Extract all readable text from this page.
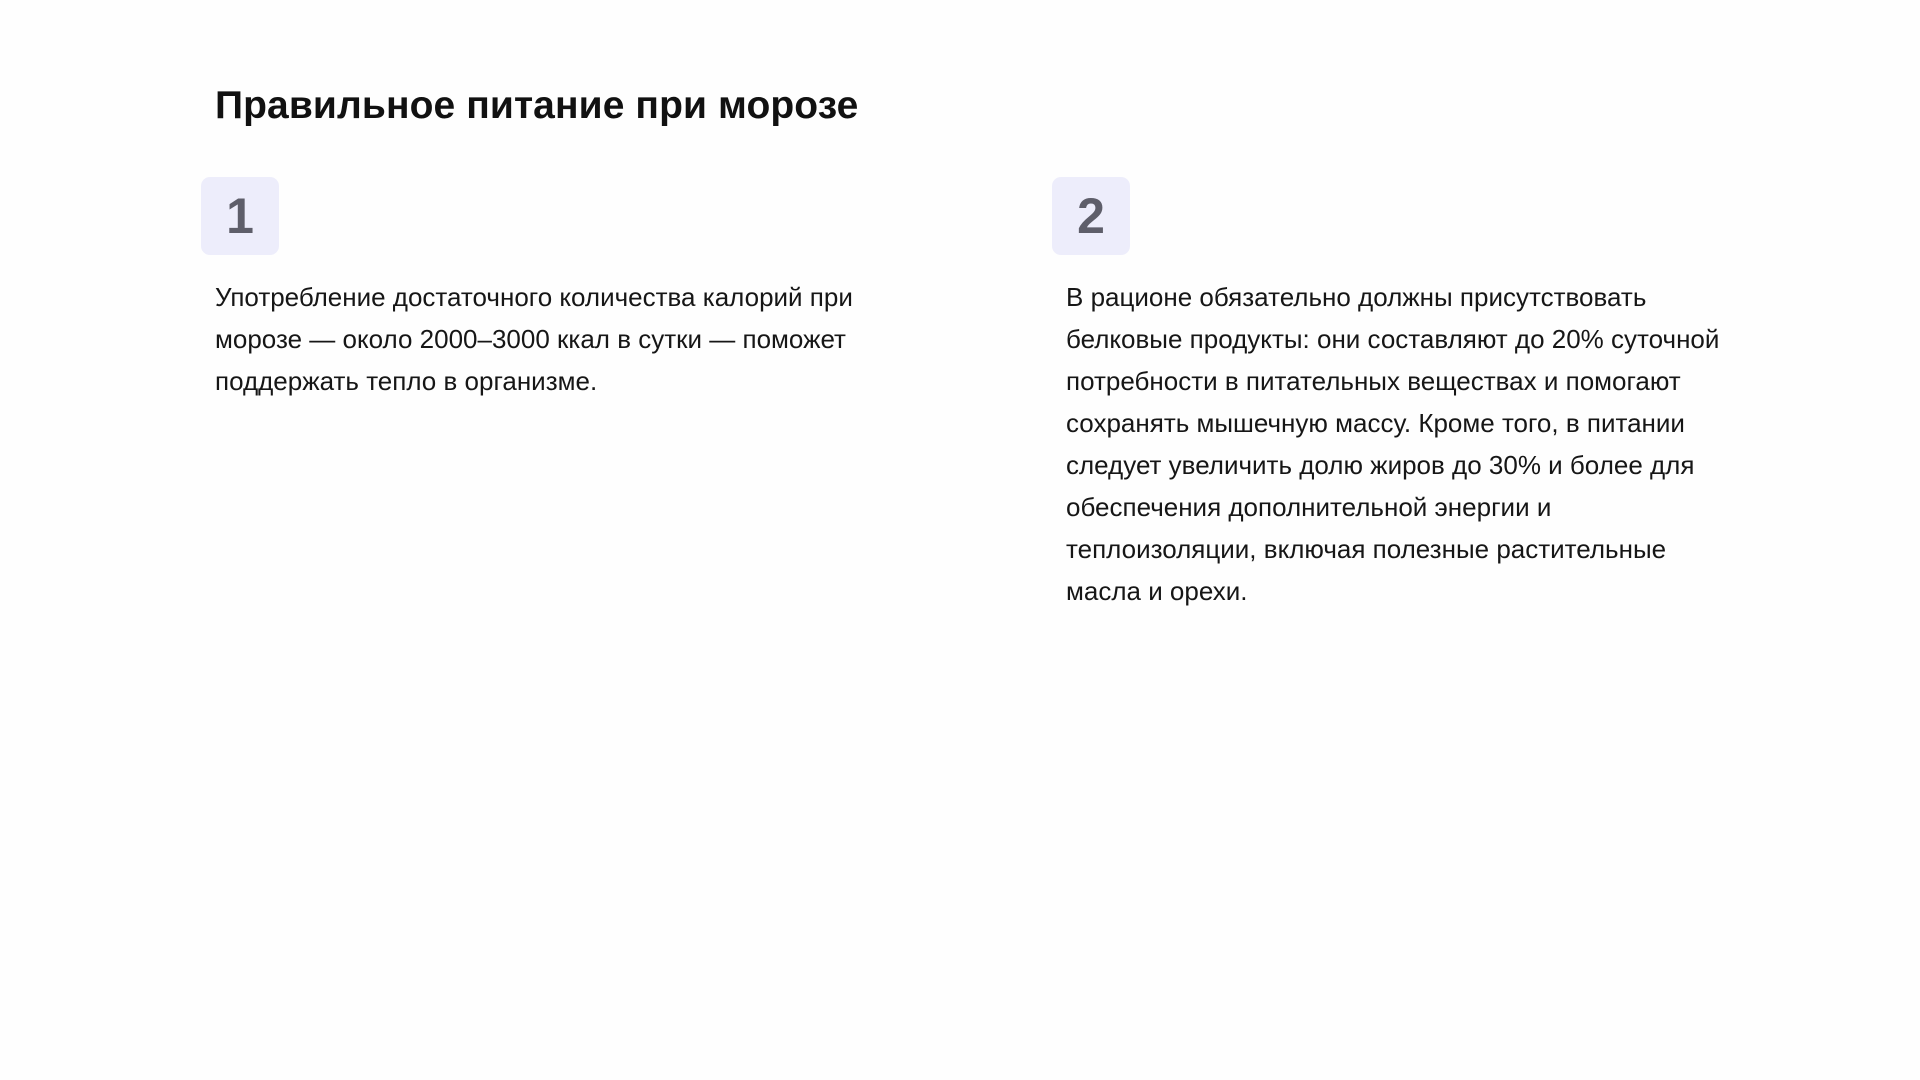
Правильное питание при морозе
1

Употребление достаточного количества калорий при морозе — около 2000–3000 ккал в сутки — поможет поддержать тепло в организме.

2

В рационе обязательно должны присутствовать белковые продукты: они составляют до 20% суточной потребности в питательных веществах и помогают сохранять мышечную массу. Кроме того, в питании следует увеличить долю жиров до 30% и более для обеспечения дополнительной энергии и теплоизоляции, включая полезные растительные масла и орехи.
